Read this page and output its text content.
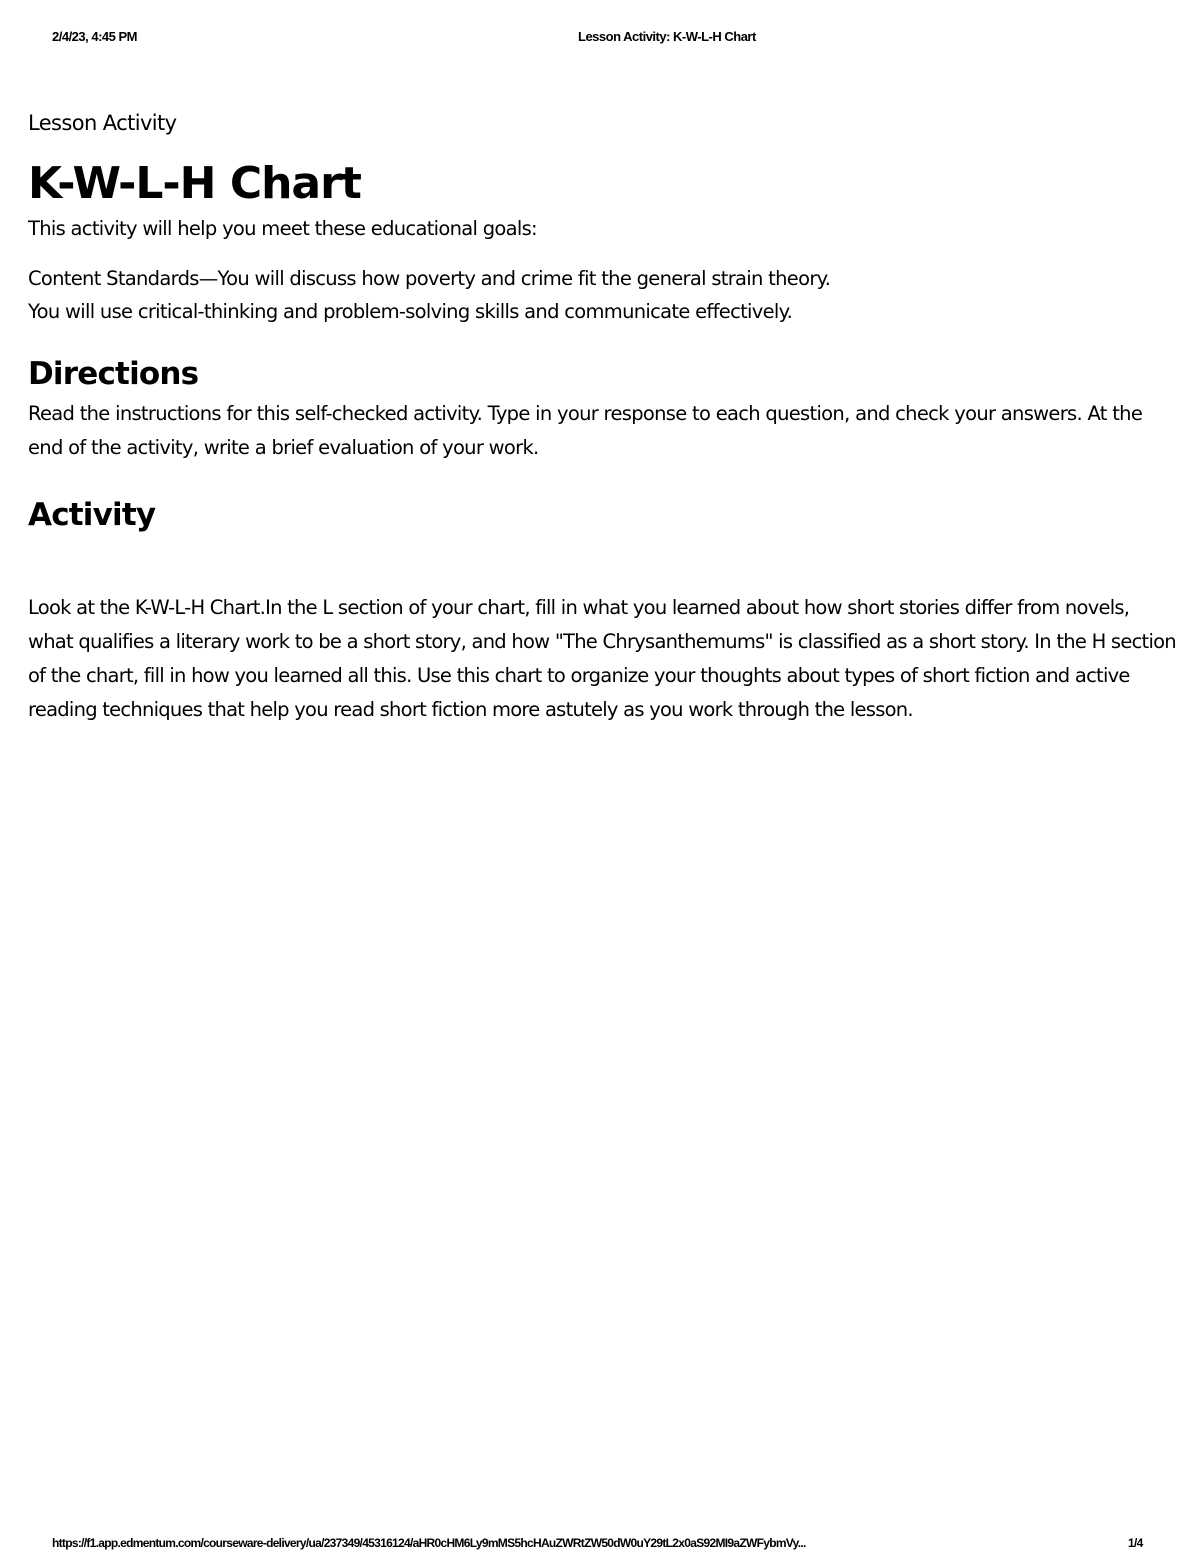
2/4/23, 4:45 PM	Lesson Activity: K-W-L-H Chart

Lesson Activity

K-W-L-H Chart

This activity will help you meet these educational goals:

Content Standards—You will discuss how poverty and crime fit the general strain theory.
You will use critical-thinking and problem-solving skills and communicate effectively.

Directions

Read the instructions for this self-checked activity. Type in your response to each question, and check your answers. At the end of the activity, write a brief evaluation of your work.

Activity

Look at the K-W-L-H Chart.In the L section of your chart, fill in what you learned about how short stories differ from novels, what qualifies a literary work to be a short story, and how "The Chrysanthemums" is classified as a short story. In the H section of the chart, fill in how you learned all this. Use this chart to organize your thoughts about types of short fiction and active reading techniques that help you read short fiction more astutely as you work through the lesson.

https://f1.app.edmentum.com/courseware-delivery/ua/237349/45316124/aHR0cHM6Ly9mMS5hcHAuZWRtZW50dW0uY29tL2x0aS92MI9aZWFybmVy...	1/4
